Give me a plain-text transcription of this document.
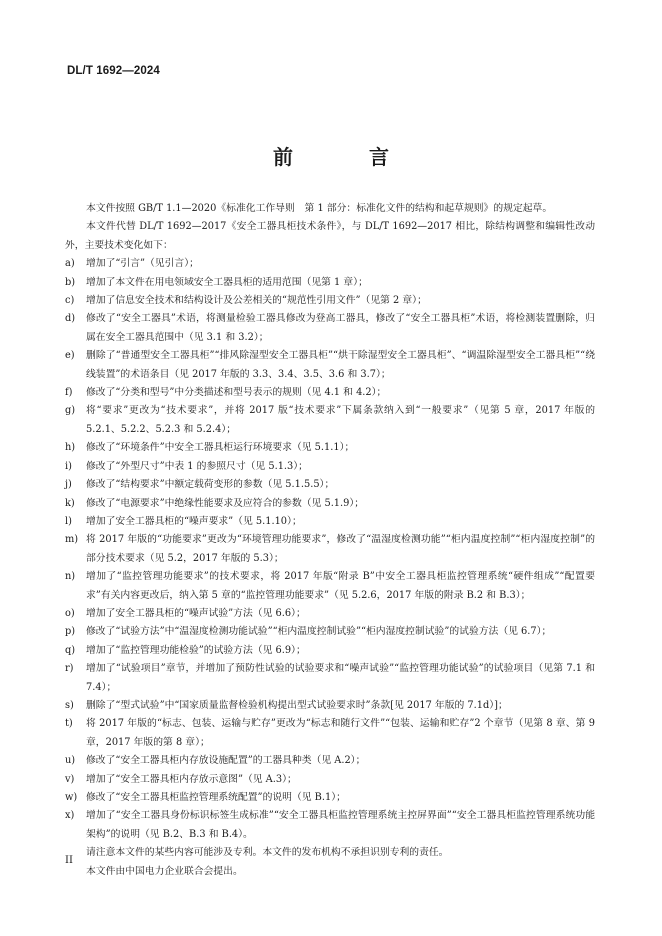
DL/T 1692—2024
前　言

本文件按照 GB/T 1.1—2020《标准化工作导则　第 1 部分：标准化文件的结构和起草规则》的规定起草。

本文件代替 DL/T 1692—2017《安全工器具柜技术条件》，与 DL/T 1692—2017 相比，除结构调整和编辑性改动外，主要技术变化如下：

a)	增加了“引言”（见引言）；
b)	增加了本文件在用电领域安全工器具柜的适用范围（见第 1 章）；
c)	增加了信息安全技术和结构设计及公差相关的“规范性引用文件”（见第 2 章）；
d)	修改了“安全工器具”术语，将测量检验工器具修改为登高工器具，修改了“安全工器具柜”术语，将检测装置删除，归属在安全工器具范围中（见 3.1 和 3.2）；
e)	删除了“普通型安全工器具柜”“排风除湿型安全工器具柜”“烘干除湿型安全工器具柜”、“调温除湿型安全工器具柜”“绕线装置”的术语条目（见 2017 年版的 3.3、3.4、3.5、3.6 和 3.7）；
f)	修改了“分类和型号”中分类描述和型号表示的规则（见 4.1 和 4.2）；
g)	将“要求”更改为“技术要求”，并将 2017 版“技术要求”下属条款纳入到“一般要求”（见第 5 章，2017 年版的 5.2.1、5.2.2、5.2.3 和 5.2.4）；
h)	修改了“环境条件”中安全工器具柜运行环境要求（见 5.1.1）；
i)	修改了“外型尺寸”中表 1 的参照尺寸（见 5.1.3）；
j)	修改了“结构要求”中额定载荷变形的参数（见 5.1.5.5）；
k)	修改了“电源要求”中绝缘性能要求及应符合的参数（见 5.1.9）；
l)	增加了安全工器具柜的“噪声要求”（见 5.1.10）；
m) 将 2017 年版的“功能要求”更改为“环境管理功能要求”，修改了“温湿度检测功能”“柜内温度控制”“柜内湿度控制”的部分技术要求（见 5.2，2017 年版的 5.3）；
n)	增加了“监控管理功能要求”的技术要求，将 2017 年版“附录 B”中安全工器具柜监控管理系统“硬件组成”“配置要求”有关内容更改后，纳入第 5 章的“监控管理功能要求”（见 5.2.6，2017 年版的附录 B.2 和 B.3）；
o)	增加了安全工器具柜的“噪声试验”方法（见 6.6）；
p)	修改了“试验方法”中“温湿度检测功能试验”“柜内温度控制试验”“柜内湿度控制试验”的试验方法（见 6.7）；
q)	增加了“监控管理功能检验”的试验方法（见 6.9）；
r)	增加了“试验项目”章节，并增加了预防性试验的试验要求和“噪声试验”“监控管理功能试验”的试验项目（见第 7.1 和 7.4）；
s)	删除了“型式试验”中“国家质量监督检验机构提出型式试验要求时”条款[见 2017 年版的 7.1d）]；
t)	将 2017 年版的“标志、包装、运输与贮存”更改为“标志和随行文件”“包装、运输和贮存”2 个章节（见第 8 章、第 9 章，2017 年版的第 8 章）；
u)	修改了“安全工器具柜内存放设施配置”的工器具种类（见 A.2）；
v)	增加了“安全工器具柜内存放示意图”（见 A.3）；
w) 修改了“安全工器具柜监控管理系统配置”的说明（见 B.1）；
x)	增加了“安全工器具身份标识标签生成标准”“安全工器具柜监控管理系统主控屏界面”“安全工器具柜监控管理系统功能架构”的说明（见 B.2、B.3 和 B.4）。

请注意本文件的某些内容可能涉及专利。本文件的发布机构不承担识别专利的责任。

本文件由中国电力企业联合会提出。

II
